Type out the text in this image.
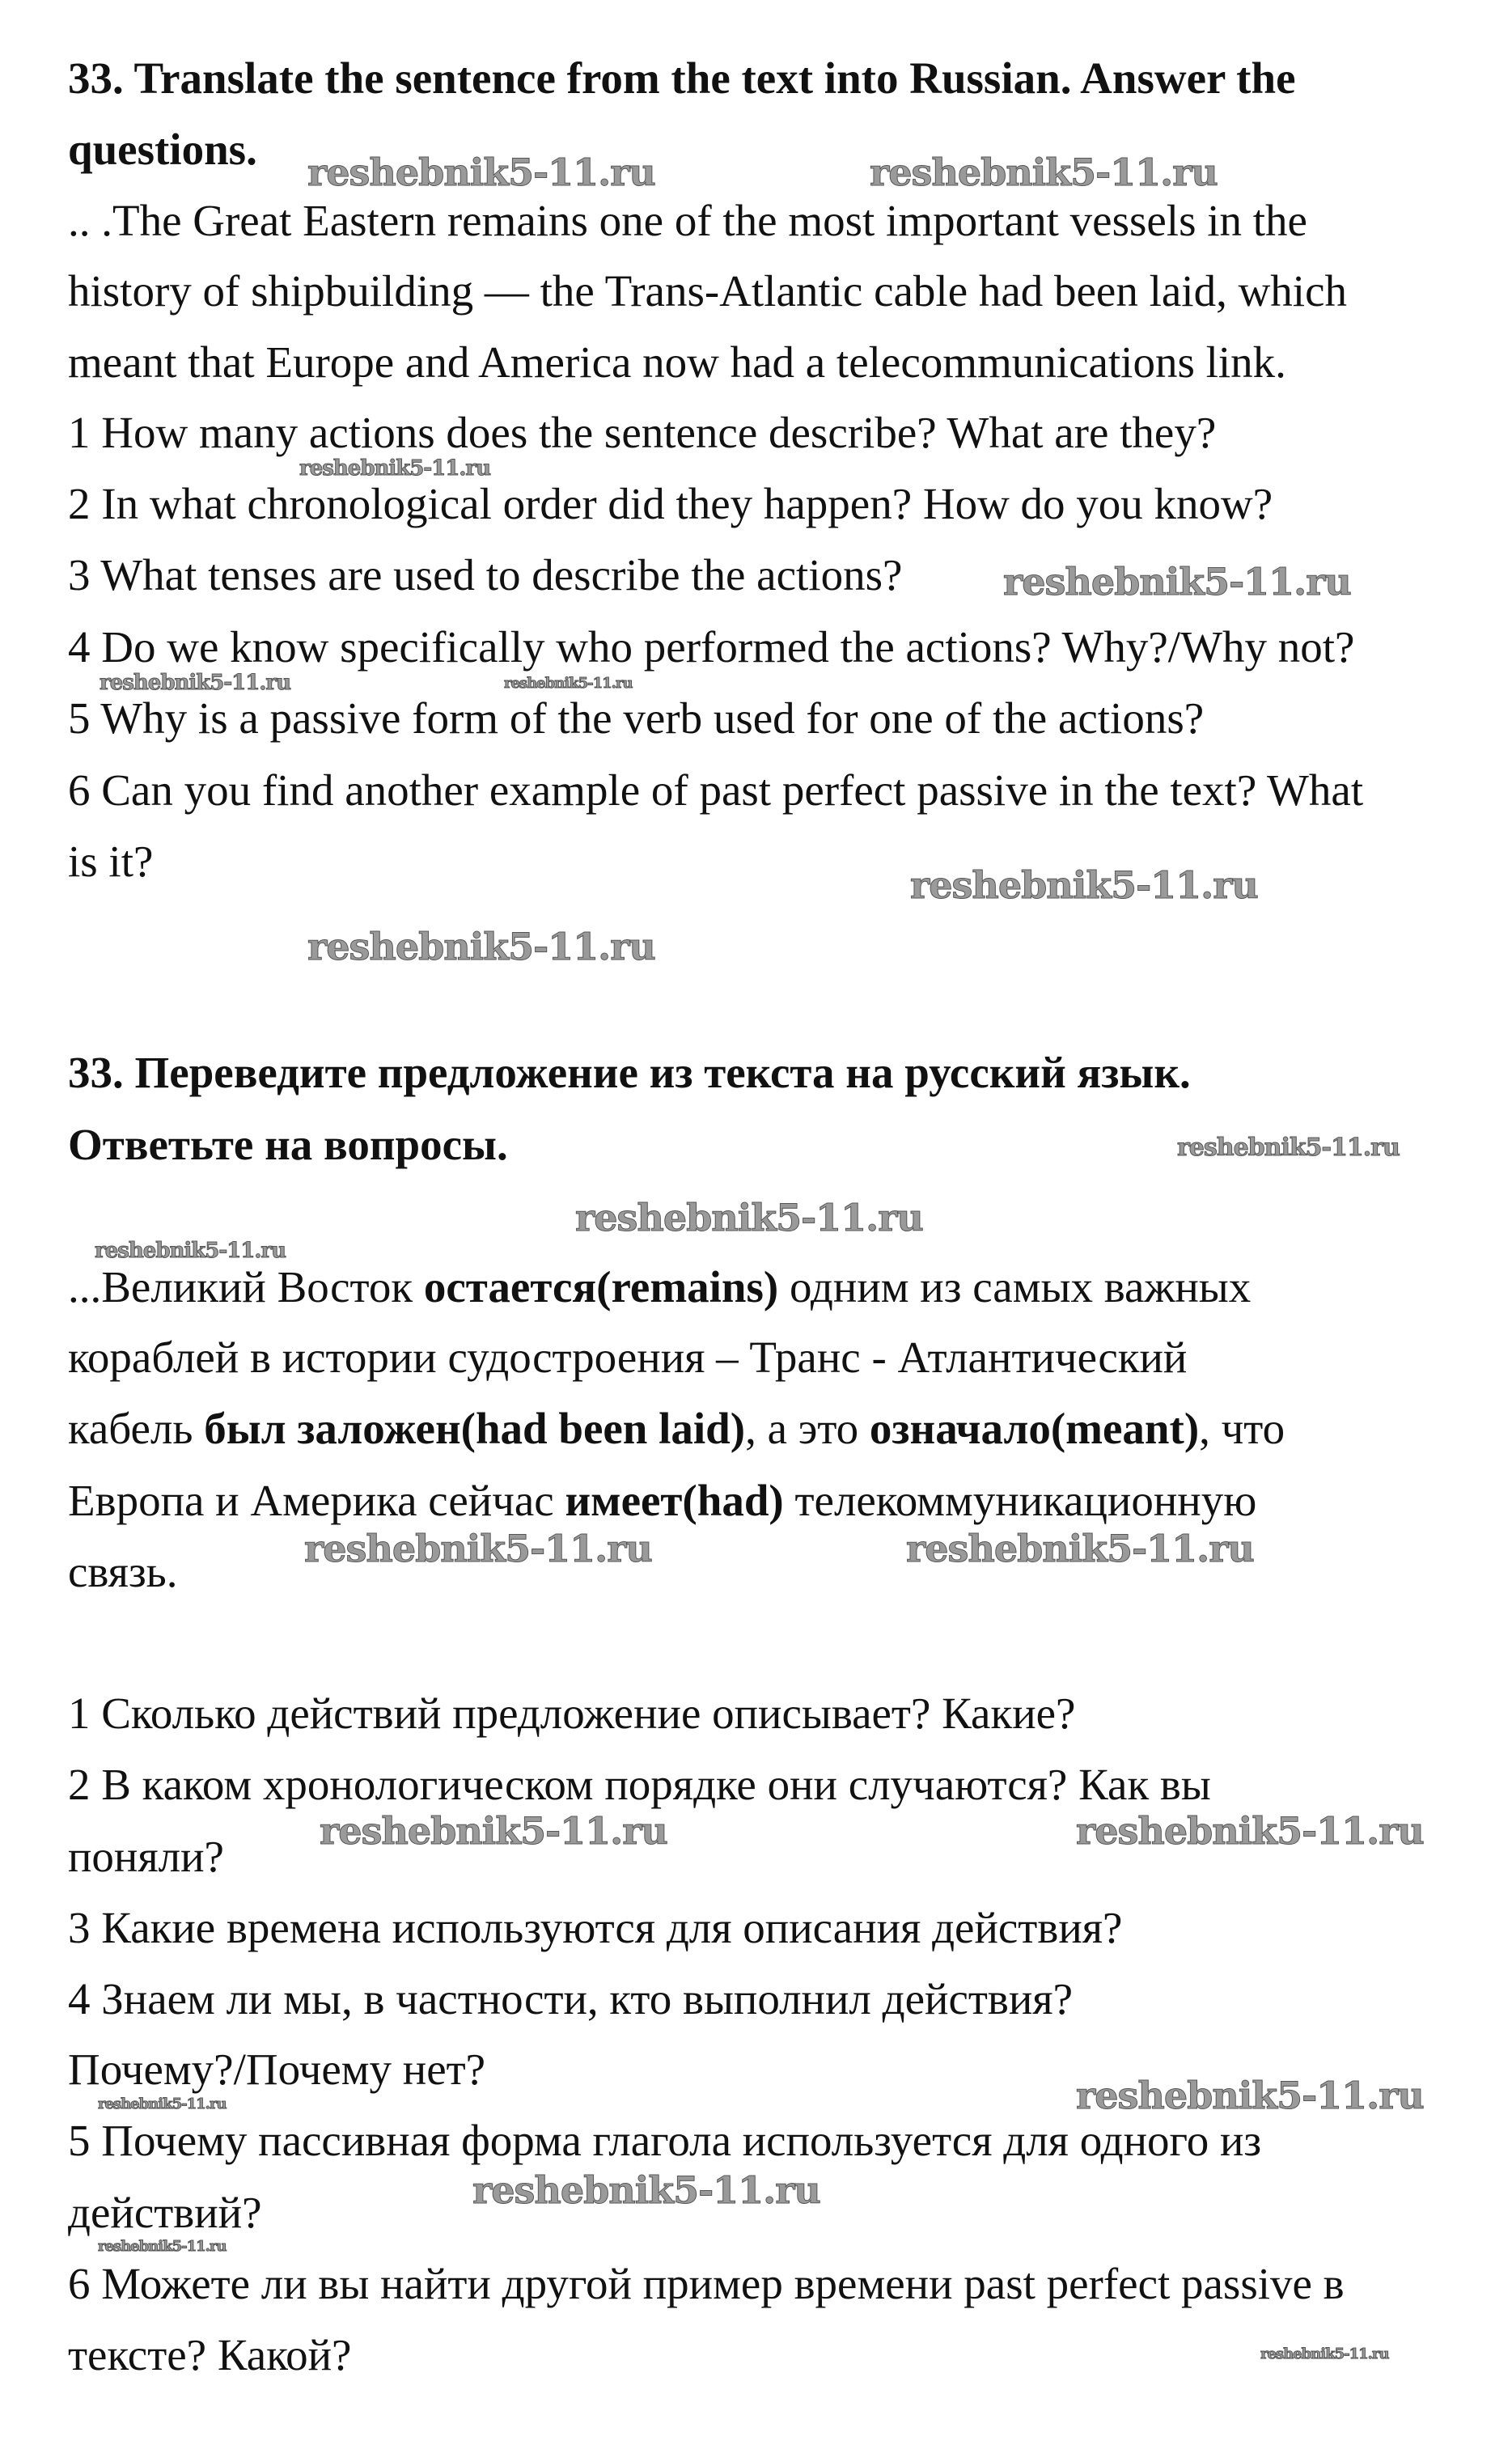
33. Translate the sentence from the text into Russian. Answer the
questions.
.. .The Great Eastern remains one of the most important vessels in the
history of shipbuilding — the Trans-Atlantic cable had been laid, which
meant that Europe and America now had a telecommunications link.
1 How many actions does the sentence describe? What are they?
2 In what chronological order did they happen? How do you know?
3 What tenses are used to describe the actions?
4 Do we know specifically who performed the actions? Why?/Why not?
5 Why is a passive form of the verb used for one of the actions?
6 Can you find another example of past perfect passive in the text? What
is it?
33. Переведите предложение из текста на русский язык.
Ответьте на вопросы.
...Великий Восток остается(remains) одним из самых важных
кораблей в истории судостроения – Транс - Атлантический
кабель был заложен(had been laid), а это означало(meant), что
Европа и Америка сейчас имеет(had) телекоммуникационную
связь.
1 Сколько действий предложение описывает? Какие?
2 В каком хронологическом порядке они случаются? Как вы
поняли?
3 Какие времена используются для описания действия?
4 Знаем ли мы, в частности, кто выполнил действия?
Почему?/Почему нет?
5 Почему пассивная форма глагола используется для одного из
действий?
6 Можете ли вы найти другой пример времени past perfect passive в
тексте? Какой?
reshebnik5-11.ru	reshebnik5-11.ru
reshebnik5-11.ru
reshebnik5-11.ru
reshebnik5-11.ru	reshebnik5-11.ru
reshebnik5-11.ru
reshebnik5-11.ru
reshebnik5-11.ru
reshebnik5-11.ru
reshebnik5-11.ru
reshebnik5-11.ru	reshebnik5-11.ru
reshebnik5-11.ru	reshebnik5-11.ru
reshebnik5-11.ru	reshebnik5-11.ru
reshebnik5-11.ru
reshebnik5-11.ru
reshebnik5-11.ru
